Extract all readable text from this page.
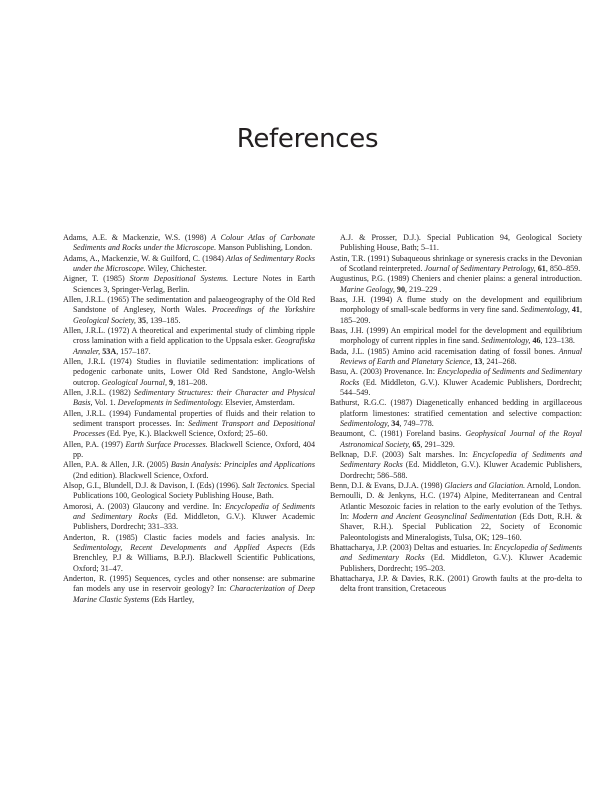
References

Adams, A.E. & Mackenzie, W.S. (1998) A Colour Atlas of Carbonate Sediments and Rocks under the Microscope. Manson Publishing, London.

Adams, A., Mackenzie, W. & Guilford, C. (1984) Atlas of Sedimentary Rocks under the Microscope. Wiley, Chichester.

Aigner, T. (1985) Storm Depositional Systems. Lecture Notes in Earth Sciences 3, Springer-Verlag, Berlin.

Allen, J.R.L. (1965) The sedimentation and palaeogeography of the Old Red Sandstone of Anglesey, North Wales. Proceedings of the Yorkshire Geological Society, 35, 139–185.

Allen, J.R.L. (1972) A theoretical and experimental study of climbing ripple cross lamination with a field application to the Uppsala esker. Geografiska Annaler, 53A, 157–187.

Allen, J.R.L (1974) Studies in fluviatile sedimentation: implications of pedogenic carbonate units, Lower Old Red Sandstone, Anglo-Welsh outcrop. Geological Journal, 9, 181–208.

Allen, J.R.L. (1982) Sedimentary Structures: their Character and Physical Basis, Vol. 1. Developments in Sedimentology. Elsevier, Amsterdam.

Allen, J.R.L. (1994) Fundamental properties of fluids and their relation to sediment transport processes. In: Sediment Transport and Depositional Processes (Ed. Pye, K.). Blackwell Science, Oxford; 25–60.

Allen, P.A. (1997) Earth Surface Processes. Blackwell Science, Oxford, 404 pp.

Allen, P.A. & Allen, J.R. (2005) Basin Analysis: Principles and Applications (2nd edition). Blackwell Science, Oxford.

Alsop, G.I., Blundell, D.J. & Davison, I. (Eds) (1996). Salt Tectonics. Special Publications 100, Geological Society Publishing House, Bath.

Amorosi, A. (2003) Glaucony and verdine. In: Encyclopedia of Sediments and Sedimentary Rocks (Ed. Middleton, G.V.). Kluwer Academic Publishers, Dordrecht; 331–333.

Anderton, R. (1985) Clastic facies models and facies analysis. In: Sedimentology, Recent Developments and Applied Aspects (Eds Brenchley, P.J & Williams, B.P.J). Blackwell Scientific Publications, Oxford; 31–47.

Anderton, R. (1995) Sequences, cycles and other nonsense: are submarine fan models any use in reservoir geology? In: Characterization of Deep Marine Clastic Systems (Eds Hartley,

A.J. & Prosser, D.J.). Special Publication 94, Geological Society Publishing House, Bath; 5–11.

Astin, T.R. (1991) Subaqueous shrinkage or syneresis cracks in the Devonian of Scotland reinterpreted. Journal of Sedimentary Petrology, 61, 850–859.

Augustinus, P.G. (1989) Cheniers and chenier plains: a general introduction. Marine Geology, 90, 219–229 .

Baas, J.H. (1994) A flume study on the development and equilibrium morphology of small-scale bedforms in very fine sand. Sedimentology, 41, 185–209.

Baas, J.H. (1999) An empirical model for the development and equilibrium morphology of current ripples in fine sand. Sedimentology, 46, 123–138.

Bada, J.L. (1985) Amino acid racemisation dating of fossil bones. Annual Reviews of Earth and Planetary Science, 13, 241–268.

Basu, A. (2003) Provenance. In: Encyclopedia of Sediments and Sedimentary Rocks (Ed. Middleton, G.V.). Kluwer Academic Publishers, Dordrecht; 544–549.

Bathurst, R.G.C. (1987) Diagenetically enhanced bedding in argillaceous platform limestones: stratified cementation and selective compaction: Sedimentology, 34, 749–778.

Beaumont, C. (1981) Foreland basins. Geophysical Journal of the Royal Astronomical Society, 65, 291–329.

Belknap, D.F. (2003) Salt marshes. In: Encyclopedia of Sediments and Sedimentary Rocks (Ed. Middleton, G.V.). Kluwer Academic Publishers, Dordrecht; 586–588.

Benn, D.I. & Evans, D.J.A. (1998) Glaciers and Glaciation. Arnold, London.

Bernoulli, D. & Jenkyns, H.C. (1974) Alpine, Mediterranean and Central Atlantic Mesozoic facies in relation to the early evolution of the Tethys. In: Modern and Ancient Geosynclinal Sedimentation (Eds Dott, R.H. & Shaver, R.H.). Special Publication 22, Society of Economic Paleontologists and Mineralogists, Tulsa, OK; 129–160.

Bhattacharya, J.P. (2003) Deltas and estuaries. In: Encyclopedia of Sediments and Sedimentary Rocks (Ed. Middleton, G.V.). Kluwer Academic Publishers, Dordrecht; 195–203.

Bhattacharya, J.P. & Davies, R.K. (2001) Growth faults at the pro-delta to delta front transition, Cretaceous
